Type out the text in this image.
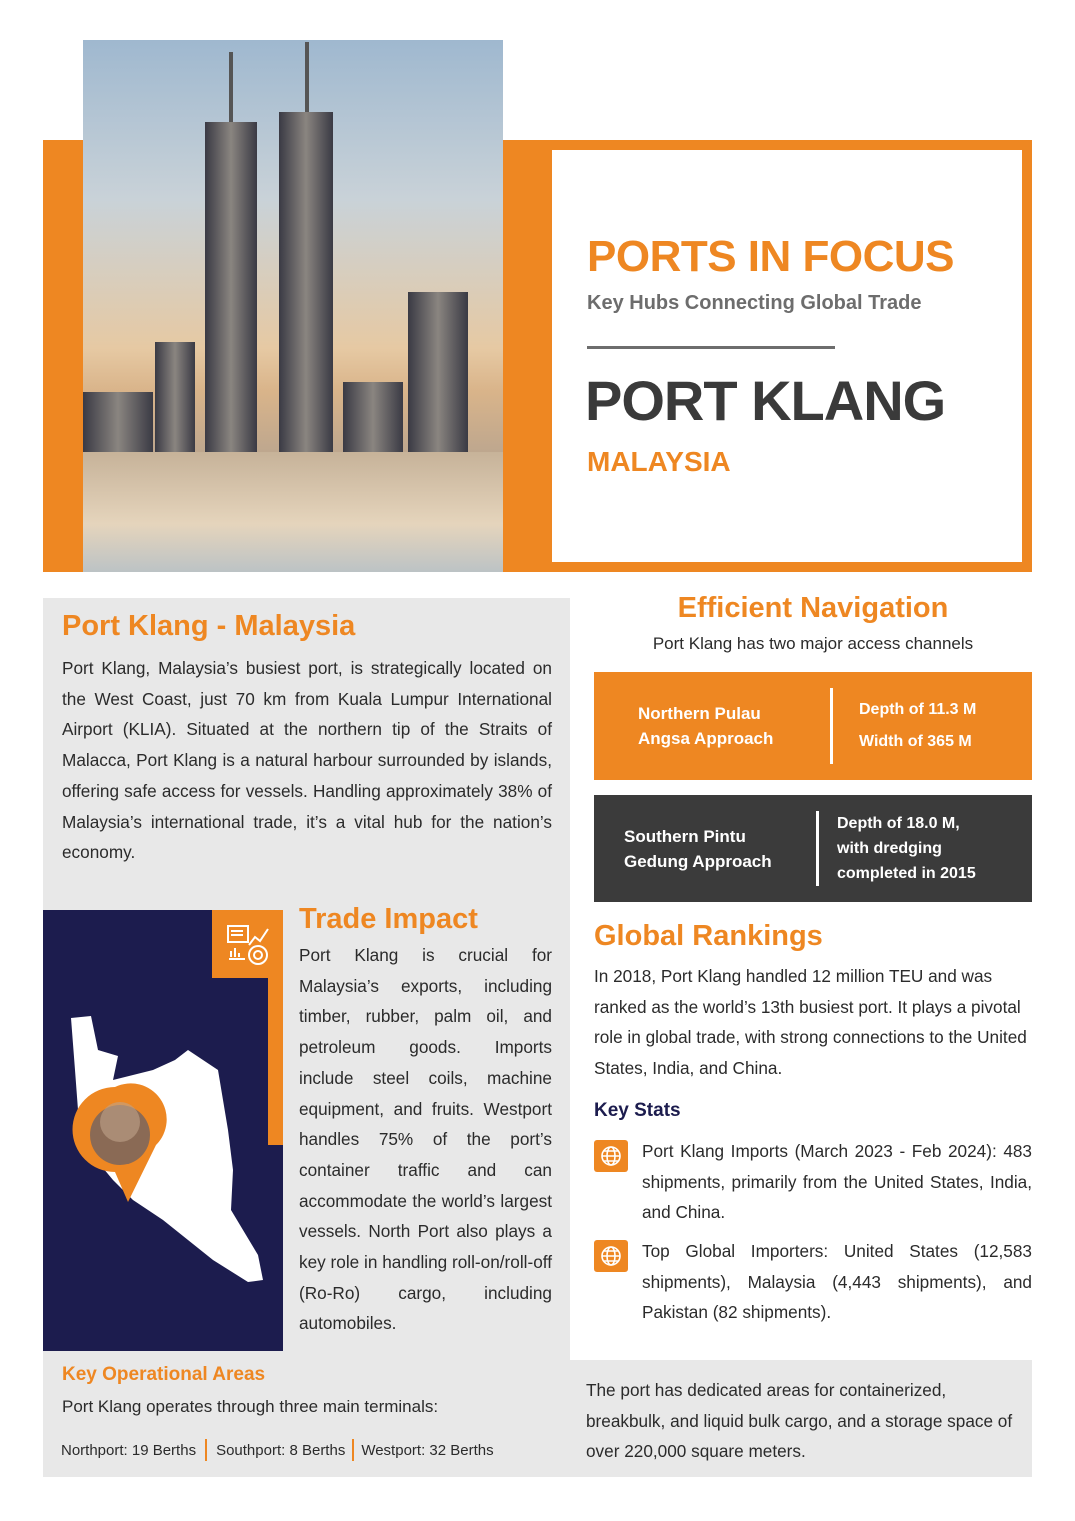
PORTS IN FOCUS
Key Hubs Connecting Global Trade
PORT KLANG
MALAYSIA
Port Klang - Malaysia
Port Klang, Malaysia’s busiest port, is strategically located on the West Coast, just 70 km from Kuala Lumpur International Airport (KLIA). Situated at the northern tip of the Straits of Malacca, Port Klang is a natural harbour surrounded by islands, offering safe access for vessels. Handling approximately 38% of Malaysia’s international trade, it’s a vital hub for the nation’s economy.
Trade Impact
Port Klang is crucial for Malaysia’s exports, including timber, rubber, palm oil, and petroleum goods. Imports include steel coils, machine equipment, and fruits. Westport handles 75% of the port’s container traffic and can accommodate the world’s largest vessels. North Port also plays a key role in handling roll-on/roll-off (Ro-Ro) cargo, including automobiles.
Efficient Navigation
Port Klang has two major access channels
Northern Pulau
Angsa Approach
Depth of 11.3 M
Width of 365 M
Southern Pintu
Gedung Approach
Depth of 18.0 M,
with dredging
completed in 2015
Global Rankings
In 2018, Port Klang handled 12 million TEU and was ranked as the world’s 13th busiest port. It plays a pivotal role in global trade, with strong connections to the United States, India, and China.
Key Stats
Port Klang Imports (March 2023 - Feb 2024): 483 shipments, primarily from the United States, India, and China.
Top Global Importers: United States (12,583 shipments), Malaysia (4,443 shipments), and Pakistan (82 shipments).
Key Operational Areas
Port Klang operates through three main terminals:
Northport: 19 Berths Southport: 8 Berths Westport: 32 Berths
The port has dedicated areas for containerized, breakbulk, and liquid bulk cargo, and a storage space of over 220,000 square meters.
